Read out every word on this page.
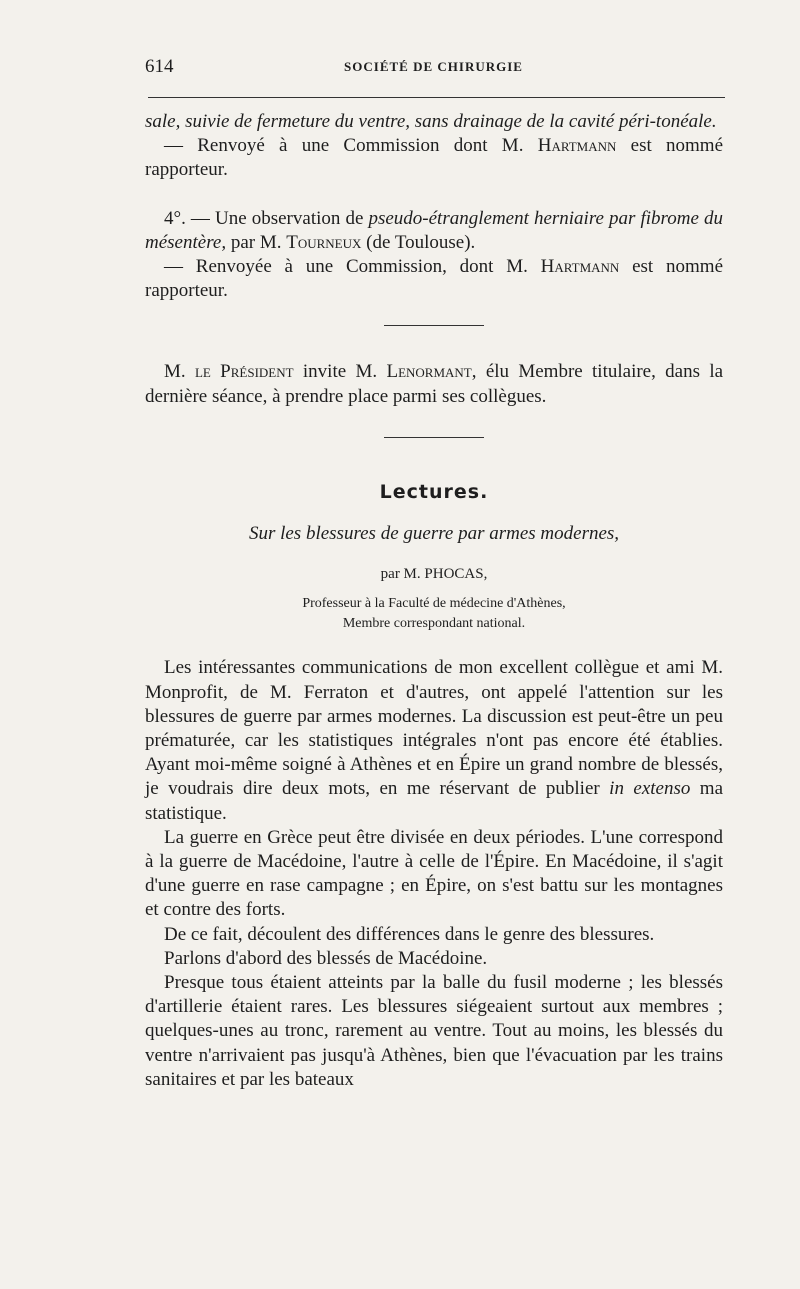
614	SOCIÉTÉ DE CHIRURGIE

sale, suivie de fermeture du ventre, sans drainage de la cavité péri-tonéale.

— Renvoyé à une Commission dont M. Hartmann est nommé rapporteur.

4°. — Une observation de pseudo-étranglement herniaire par fibrome du mésentère, par M. Tourneux (de Toulouse).

— Renvoyée à une Commission, dont M. Hartmann est nommé rapporteur.

M. le Président invite M. Lenormant, élu Membre titulaire, dans la dernière séance, à prendre place parmi ses collègues.

Lectures.
Sur les blessures de guerre par armes modernes,
par M. PHOCAS,
Professeur à la Faculté de médecine d'Athènes,
Membre correspondant national.

Les intéressantes communications de mon excellent collègue et ami M. Monprofit, de M. Ferraton et d'autres, ont appelé l'attention sur les blessures de guerre par armes modernes. La discussion est peut-être un peu prématurée, car les statistiques intégrales n'ont pas encore été établies. Ayant moi-même soigné à Athènes et en Épire un grand nombre de blessés, je voudrais dire deux mots, en me réservant de publier in extenso ma statistique.

La guerre en Grèce peut être divisée en deux périodes. L'une correspond à la guerre de Macédoine, l'autre à celle de l'Épire. En Macédoine, il s'agit d'une guerre en rase campagne ; en Épire, on s'est battu sur les montagnes et contre des forts.

De ce fait, découlent des différences dans le genre des blessures.

Parlons d'abord des blessés de Macédoine.

Presque tous étaient atteints par la balle du fusil moderne ; les blessés d'artillerie étaient rares. Les blessures siégeaient surtout aux membres ; quelques-unes au tronc, rarement au ventre. Tout au moins, les blessés du ventre n'arrivaient pas jusqu'à Athènes, bien que l'évacuation par les trains sanitaires et par les bateaux
